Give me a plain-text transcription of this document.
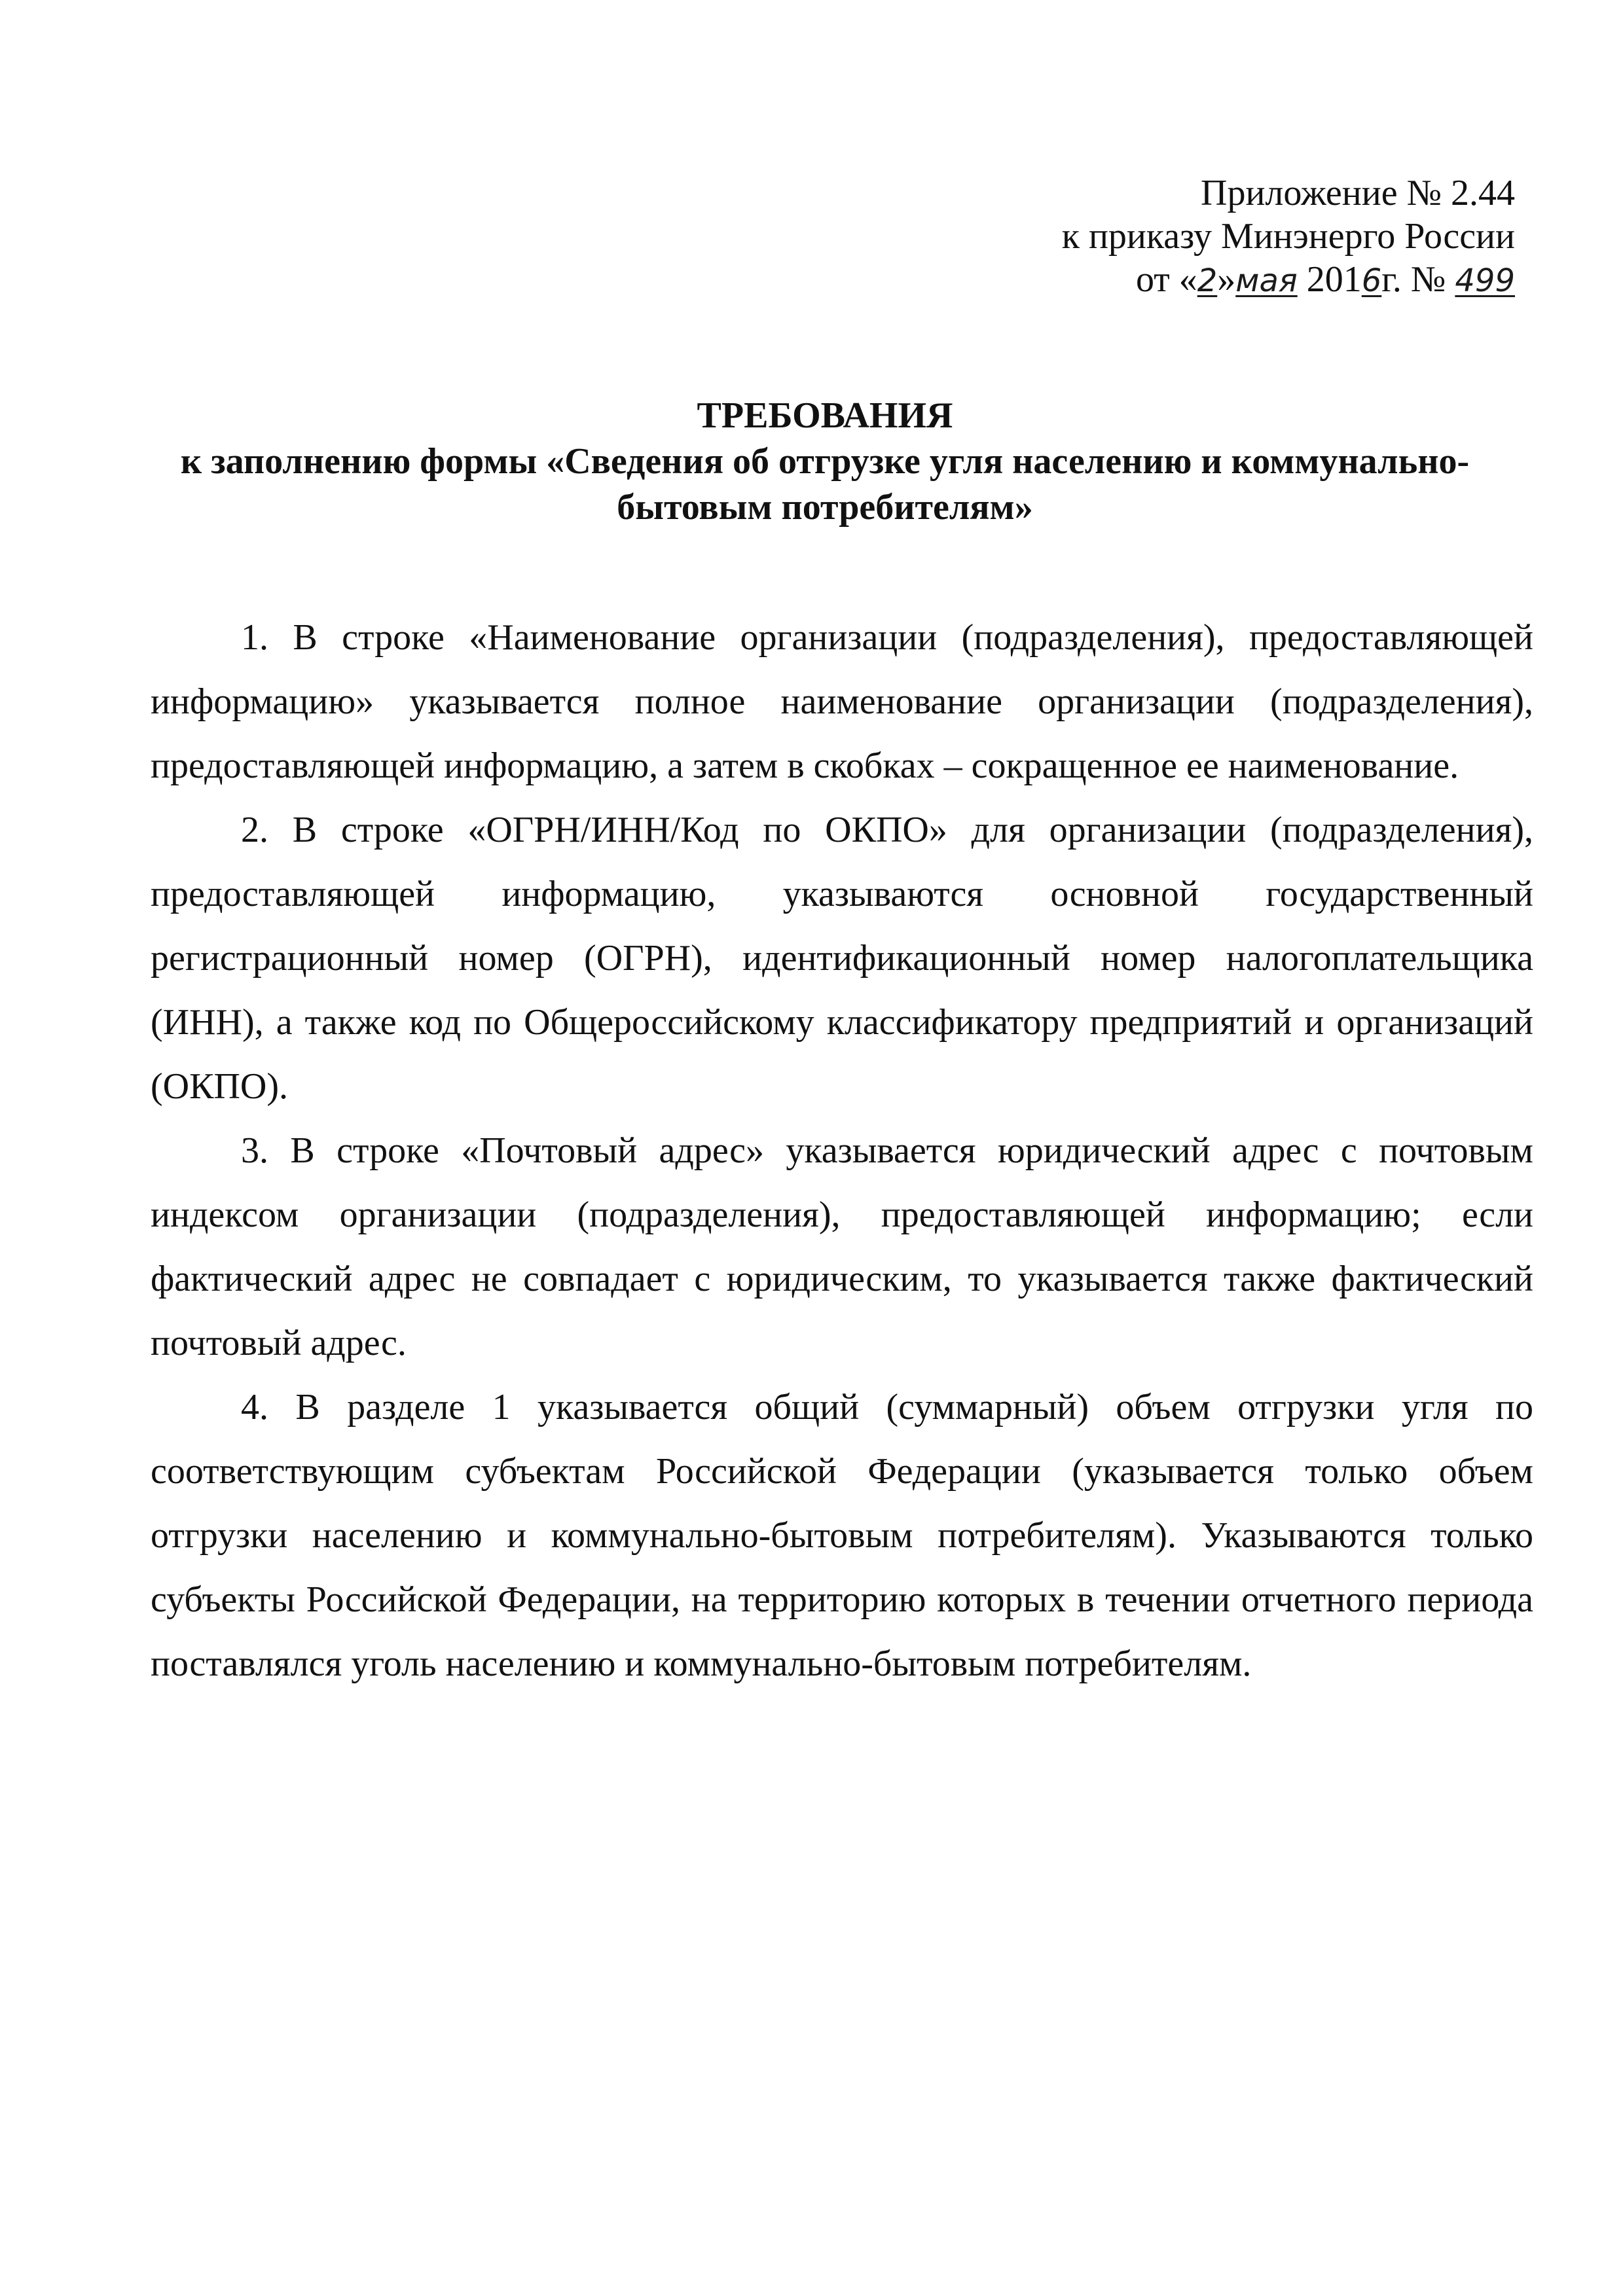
Приложение № 2.44
к приказу Минэнерго России
от «2»мая 2016г. № 499
ТРЕБОВАНИЯ
к заполнению формы «Сведения об отгрузке угля населению и коммунально-
бытовым потребителям»

1. В строке «Наименование организации (подразделения), предоставляющей информацию» указывается полное наименование организации (подразделения), предоставляющей информацию, а затем в скобках – сокращенное ее наименование.

2. В строке «ОГРН/ИНН/Код по ОКПО» для организации (подразделения), предоставляющей информацию, указываются основной государственный регистрационный номер (ОГРН), идентификационный номер налогоплательщика (ИНН), а также код по Общероссийскому классификатору предприятий и организаций (ОКПО).

3. В строке «Почтовый адрес» указывается юридический адрес с почтовым индексом организации (подразделения), предоставляющей информацию; если фактический адрес не совпадает с юридическим, то указывается также фактический почтовый адрес.

4. В разделе 1 указывается общий (суммарный) объем отгрузки угля по соответствующим субъектам Российской Федерации (указывается только объем отгрузки населению и коммунально-бытовым потребителям). Указываются только субъекты Российской Федерации, на территорию которых в течении отчетного периода поставлялся уголь населению и коммунально-бытовым потребителям.
